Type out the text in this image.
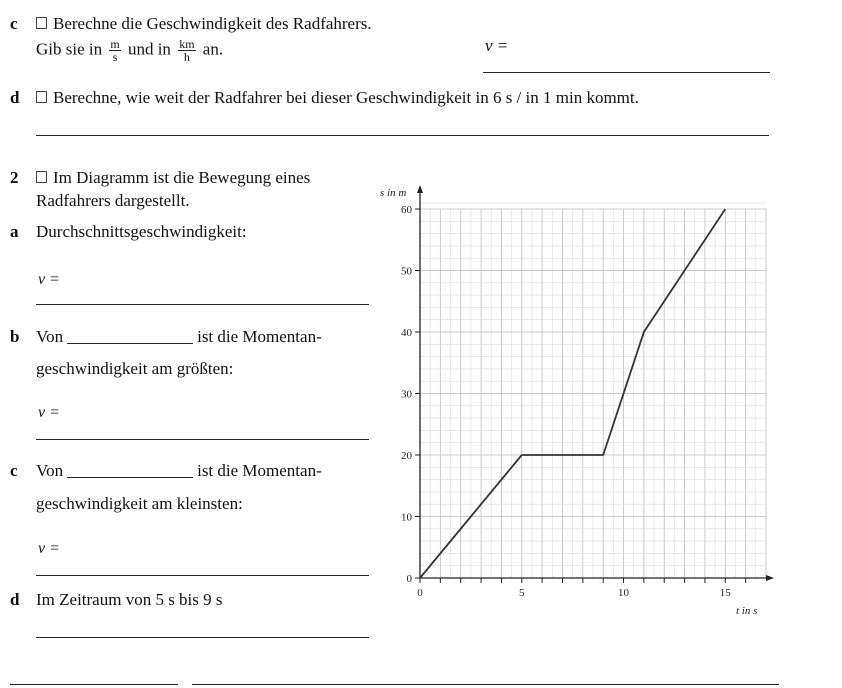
c	Berechne die Geschwindigkeit des Radfahrers.
Gib sie in $\frac{m}{s}$ und in $\frac{km}{h}$ an.	v =
d	Berechne, wie weit der Radfahrer bei dieser Geschwindigkeit in 6 s / in 1 min kommt.
2	Im Diagramm ist die Bewegung eines
Radfahrers dargestellt.
a Durchschnittsgeschwindigkeit:
v =
b Von	ist die Momentan-
geschwindigkeit am größten:
v =
c Von	ist die Momentan-
geschwindigkeit am kleinsten:
v =
d Im Zeitraum von 5 s bis 9 s	0	5	10	15
0
10
20
30
40
50
60
s in m
t in s
